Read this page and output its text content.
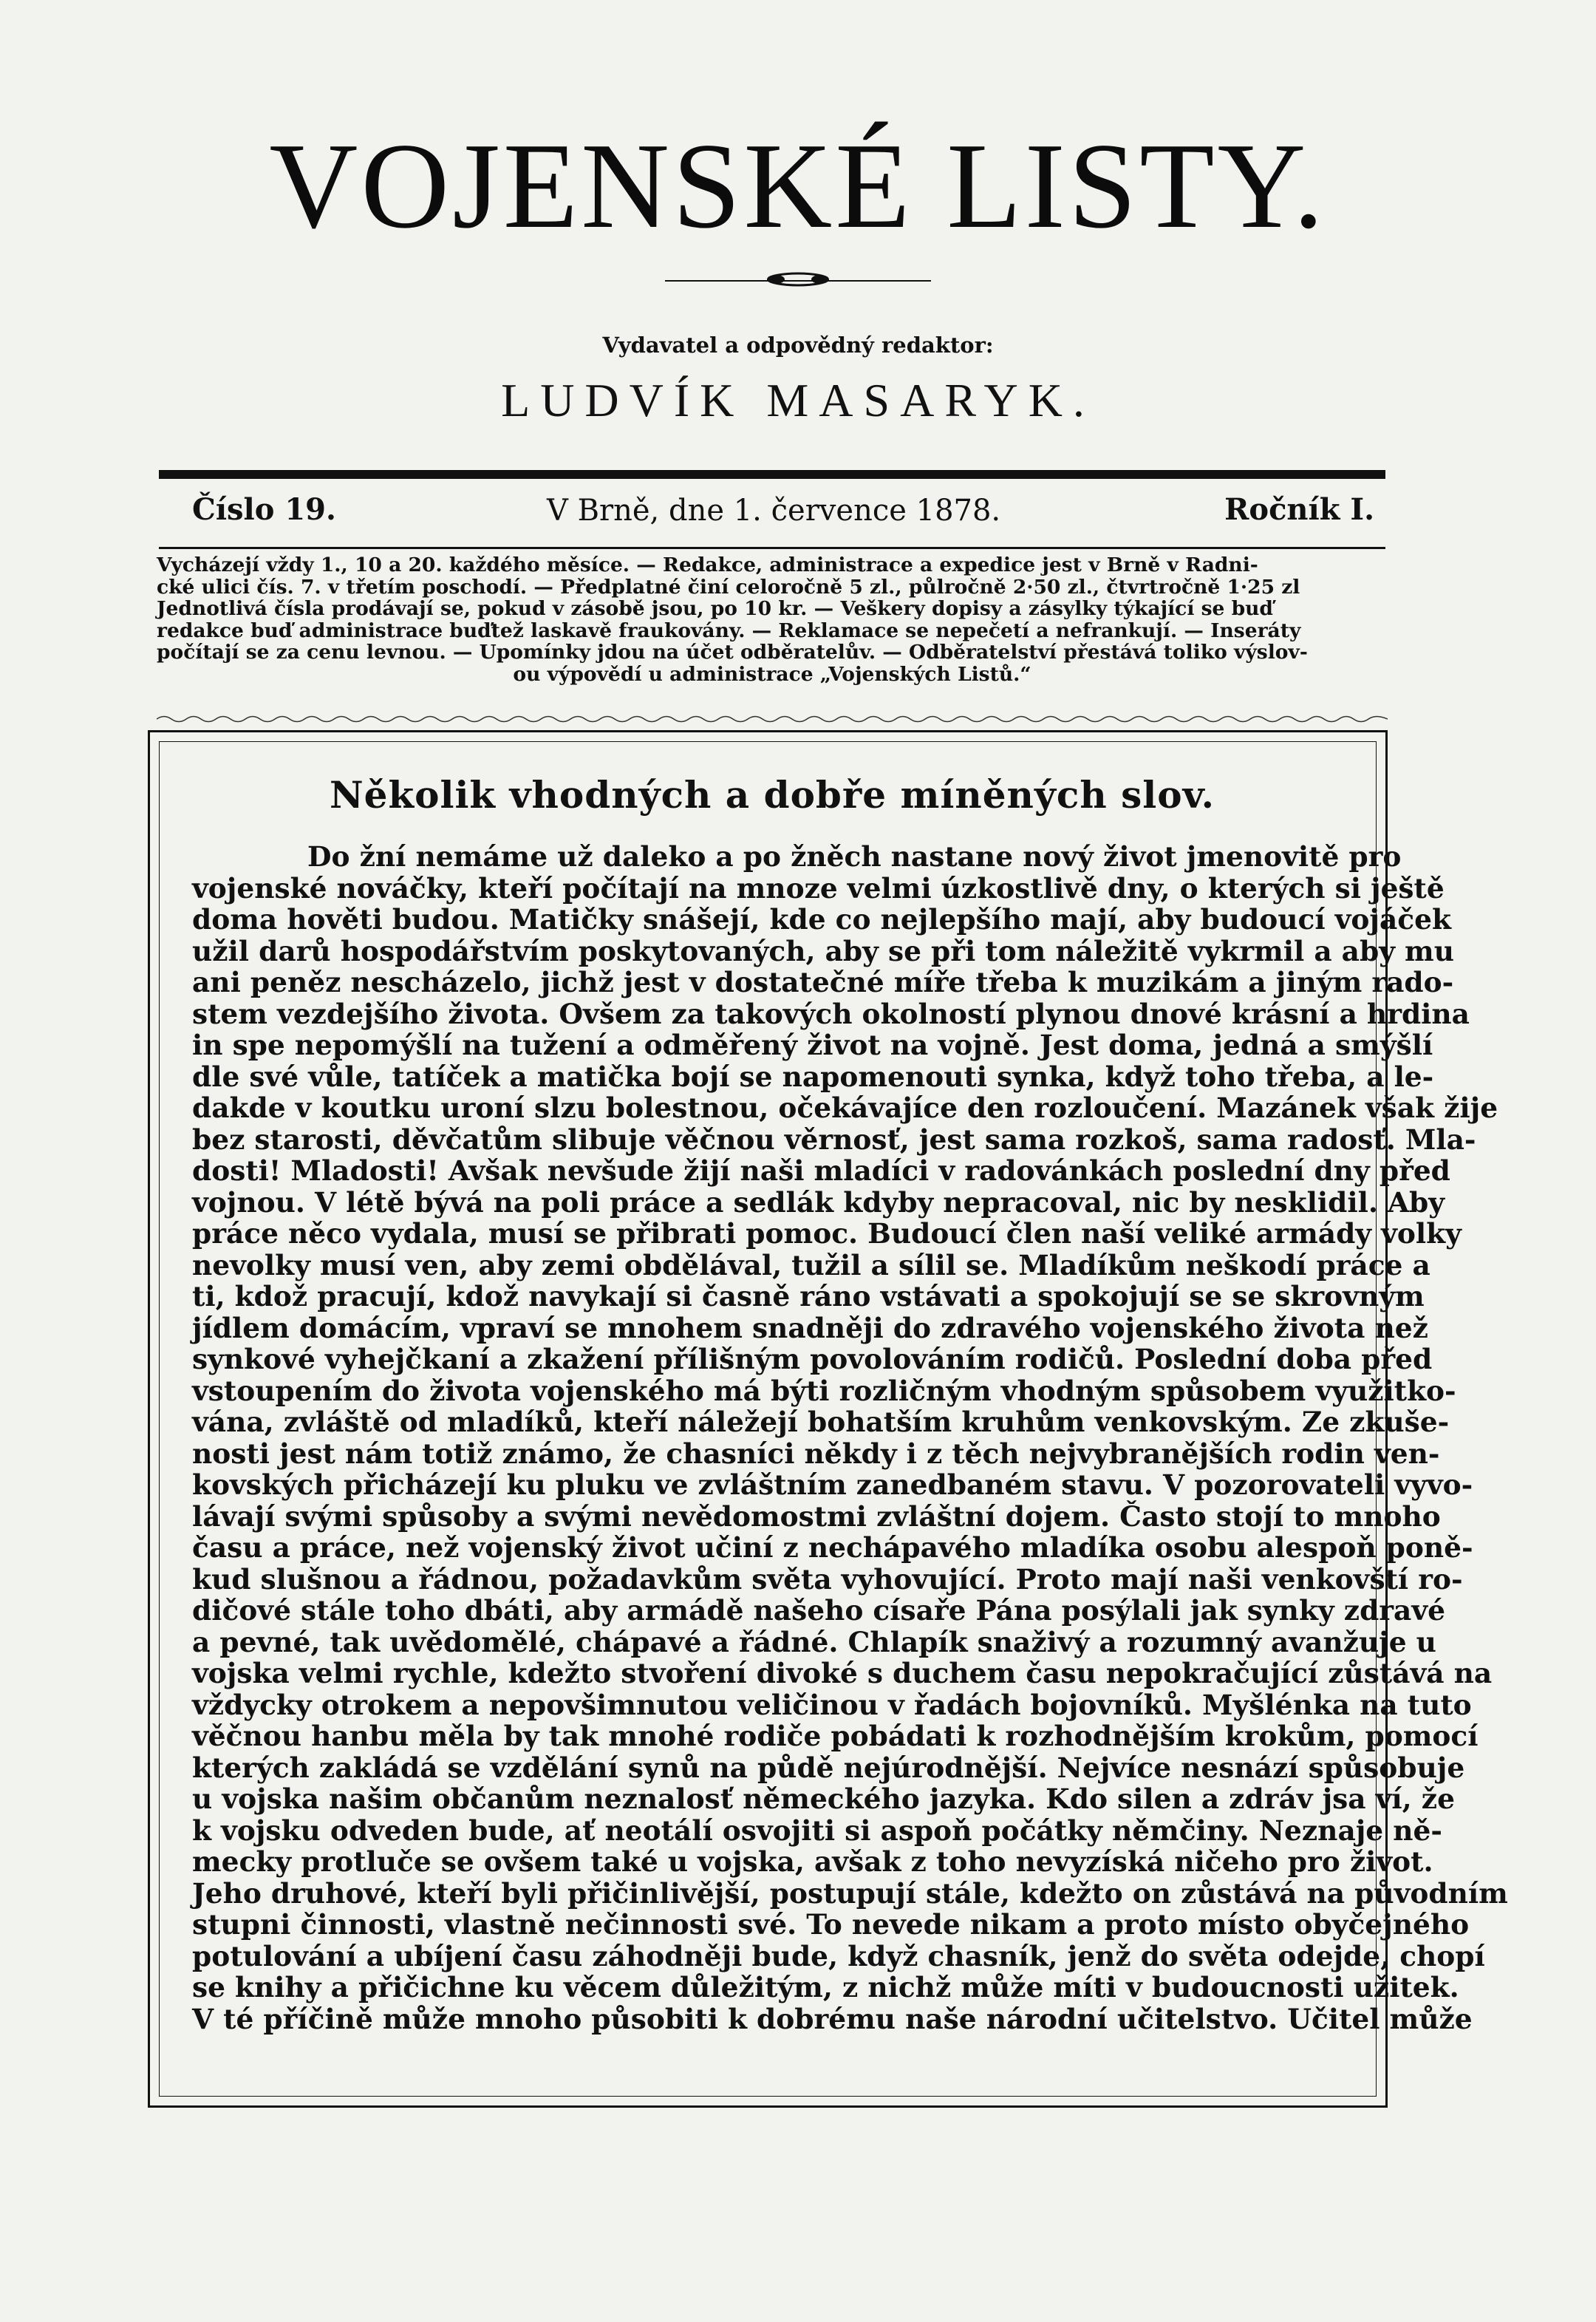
VOJENSKÉ LISTY.
Vydavatel a odpovědný redaktor:
LUDVÍK MASARYK.
Číslo 19.	V Brně, dne 1. července 1878.	Ročník I.
Vycházejí vždy 1., 10 a 20. každého měsíce. — Redakce, administrace a expedice jest v Brně v Radni-
cké ulici čís. 7. v třetím poschodí. — Předplatné činí celoročně 5 zl., půlročně 2·50 zl., čtvrtročně 1·25 zl
Jednotlivá čísla prodávají se, pokud v zásobě jsou, po 10 kr. — Veškery dopisy a zásylky týkající se buď
redakce buď administrace buďtež laskavě fraukovány. — Reklamace se nepečetí a nefrankují. — Inseráty
počítají se za cenu levnou. — Upomínky jdou na účet odběratelův. — Odběratelství přestává toliko výslov-
ou výpovědí u administrace „Vojenských Listů.“
Několik vhodných a dobře míněných slov.
Do žní nemáme už daleko a po žněch nastane nový život jmenovitě pro
vojenské nováčky, kteří počítají na mnoze velmi úzkostlivě dny, o kterých si ještě
doma hověti budou. Matičky snášejí, kde co nejlepšího mají, aby budoucí vojáček
užil darů hospodářstvím poskytovaných, aby se při tom náležitě vykrmil a aby mu
ani peněz nescházelo, jichž jest v dostatečné míře třeba k muzikám a jiným rado-
stem vezdejšího života. Ovšem za takových okolností plynou dnové krásní a hrdina
in spe nepomýšlí na tužení a odměřený život na vojně. Jest doma, jedná a smýšlí
dle své vůle, tatíček a matička bojí se napomenouti synka, když toho třeba, a le-
dakde v koutku uroní slzu bolestnou, očekávajíce den rozloučení. Mazánek však žije
bez starosti, děvčatům slibuje věčnou věrnosť, jest sama rozkoš, sama radosť. Mla-
dosti! Mladosti! Avšak nevšude žijí naši mladíci v radovánkách poslední dny před
vojnou. V létě bývá na poli práce a sedlák kdyby nepracoval, nic by nesklidil. Aby
práce něco vydala, musí se přibrati pomoc. Budoucí člen naší veliké armády volky
nevolky musí ven, aby zemi obdělával, tužil a sílil se. Mladíkům neškodí práce a
ti, kdož pracují, kdož navykají si časně ráno vstávati a spokojují se se skrovným
jídlem domácím, vpraví se mnohem snadněji do zdravého vojenského života než
synkové vyhejčkaní a zkažení přílišným povolováním rodičů. Poslední doba před
vstoupením do života vojenského má býti rozličným vhodným spůsobem využitko-
vána, zvláště od mladíků, kteří náležejí bohatším kruhům venkovským. Ze zkuše-
nosti jest nám totiž známo, že chasníci někdy i z těch nejvybranějších rodin ven-
kovských přicházejí ku pluku ve zvláštním zanedbaném stavu. V pozorovateli vyvo-
lávají svými spůsoby a svými nevědomostmi zvláštní dojem. Často stojí to mnoho
času a práce, než vojenský život učiní z nechápavého mladíka osobu alespoň poně-
kud slušnou a řádnou, požadavkům světa vyhovující. Proto mají naši venkovští ro-
dičové stále toho dbáti, aby armádě našeho císaře Pána posýlali jak synky zdravé
a pevné, tak uvědomělé, chápavé a řádné. Chlapík snaživý a rozumný avanžuje u
vojska velmi rychle, kdežto stvoření divoké s duchem času nepokračující zůstává na
vždycky otrokem a nepovšimnutou veličinou v řadách bojovníků. Myšlénka na tuto
věčnou hanbu měla by tak mnohé rodiče pobádati k rozhodnějším krokům, pomocí
kterých zakládá se vzdělání synů na půdě nejúrodnější. Nejvíce nesnází spůsobuje
u vojska našim občanům neznalosť německého jazyka. Kdo silen a zdráv jsa ví, že
k vojsku odveden bude, ať neotálí osvojiti si aspoň počátky němčiny. Neznaje ně-
mecky protluče se ovšem také u vojska, avšak z toho nevyzíská ničeho pro život.
Jeho druhové, kteří byli přičinlivější, postupují stále, kdežto on zůstává na původním
stupni činnosti, vlastně nečinnosti své. To nevede nikam a proto místo obyčejného
potulování a ubíjení času záhodněji bude, když chasník, jenž do světa odejde, chopí
se knihy a přičichne ku věcem důležitým, z nichž může míti v budoucnosti užitek.
V té příčině může mnoho působiti k dobrému naše národní učitelstvo. Učitel může
